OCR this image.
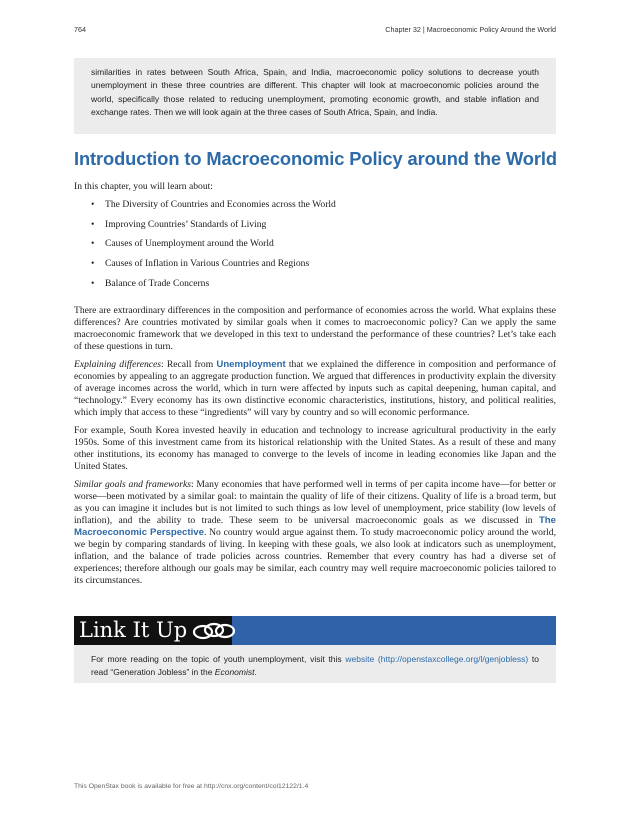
764	Chapter 32 | Macroeconomic Policy Around the World
similarities in rates between South Africa, Spain, and India, macroeconomic policy solutions to decrease youth unemployment in these three countries are different. This chapter will look at macroeconomic policies around the world, specifically those related to reducing unemployment, promoting economic growth, and stable inflation and exchange rates. Then we will look again at the three cases of South Africa, Spain, and India.
Introduction to Macroeconomic Policy around the World

In this chapter, you will learn about:

• The Diversity of Countries and Economies across the World
• Improving Countries’ Standards of Living
• Causes of Unemployment around the World
• Causes of Inflation in Various Countries and Regions
• Balance of Trade Concerns

There are extraordinary differences in the composition and performance of economies across the world. What explains these differences? Are countries motivated by similar goals when it comes to macroeconomic policy? Can we apply the same macroeconomic framework that we developed in this text to understand the performance of these countries? Let’s take each of these questions in turn.

Explaining differences: Recall from Unemployment that we explained the difference in composition and performance of economies by appealing to an aggregate production function. We argued that differences in productivity explain the diversity of average incomes across the world, which in turn were affected by inputs such as capital deepening, human capital, and “technology.” Every economy has its own distinctive economic characteristics, institutions, history, and political realities, which imply that access to these “ingredients” will vary by country and so will economic performance.

For example, South Korea invested heavily in education and technology to increase agricultural productivity in the early 1950s. Some of this investment came from its historical relationship with the United States. As a result of these and many other institutions, its economy has managed to converge to the levels of income in leading economies like Japan and the United States.

Similar goals and frameworks: Many economies that have performed well in terms of per capita income have—for better or worse—been motivated by a similar goal: to maintain the quality of life of their citizens. Quality of life is a broad term, but as you can imagine it includes but is not limited to such things as low level of unemployment, price stability (low levels of inflation), and the ability to trade. These seem to be universal macroeconomic goals as we discussed in The Macroeconomic Perspective. No country would argue against them. To study macroeconomic policy around the world, we begin by comparing standards of living. In keeping with these goals, we also look at indicators such as unemployment, inflation, and the balance of trade policies across countries. Remember that every country has had a diverse set of experiences; therefore although our goals may be similar, each country may well require macroeconomic policies tailored to its circumstances.

Link It Up
For more reading on the topic of youth unemployment, visit this website (http://openstaxcollege.org/l/genjobless) to read “Generation Jobless” in the Economist.
This OpenStax book is available for free at http://cnx.org/content/col12122/1.4
